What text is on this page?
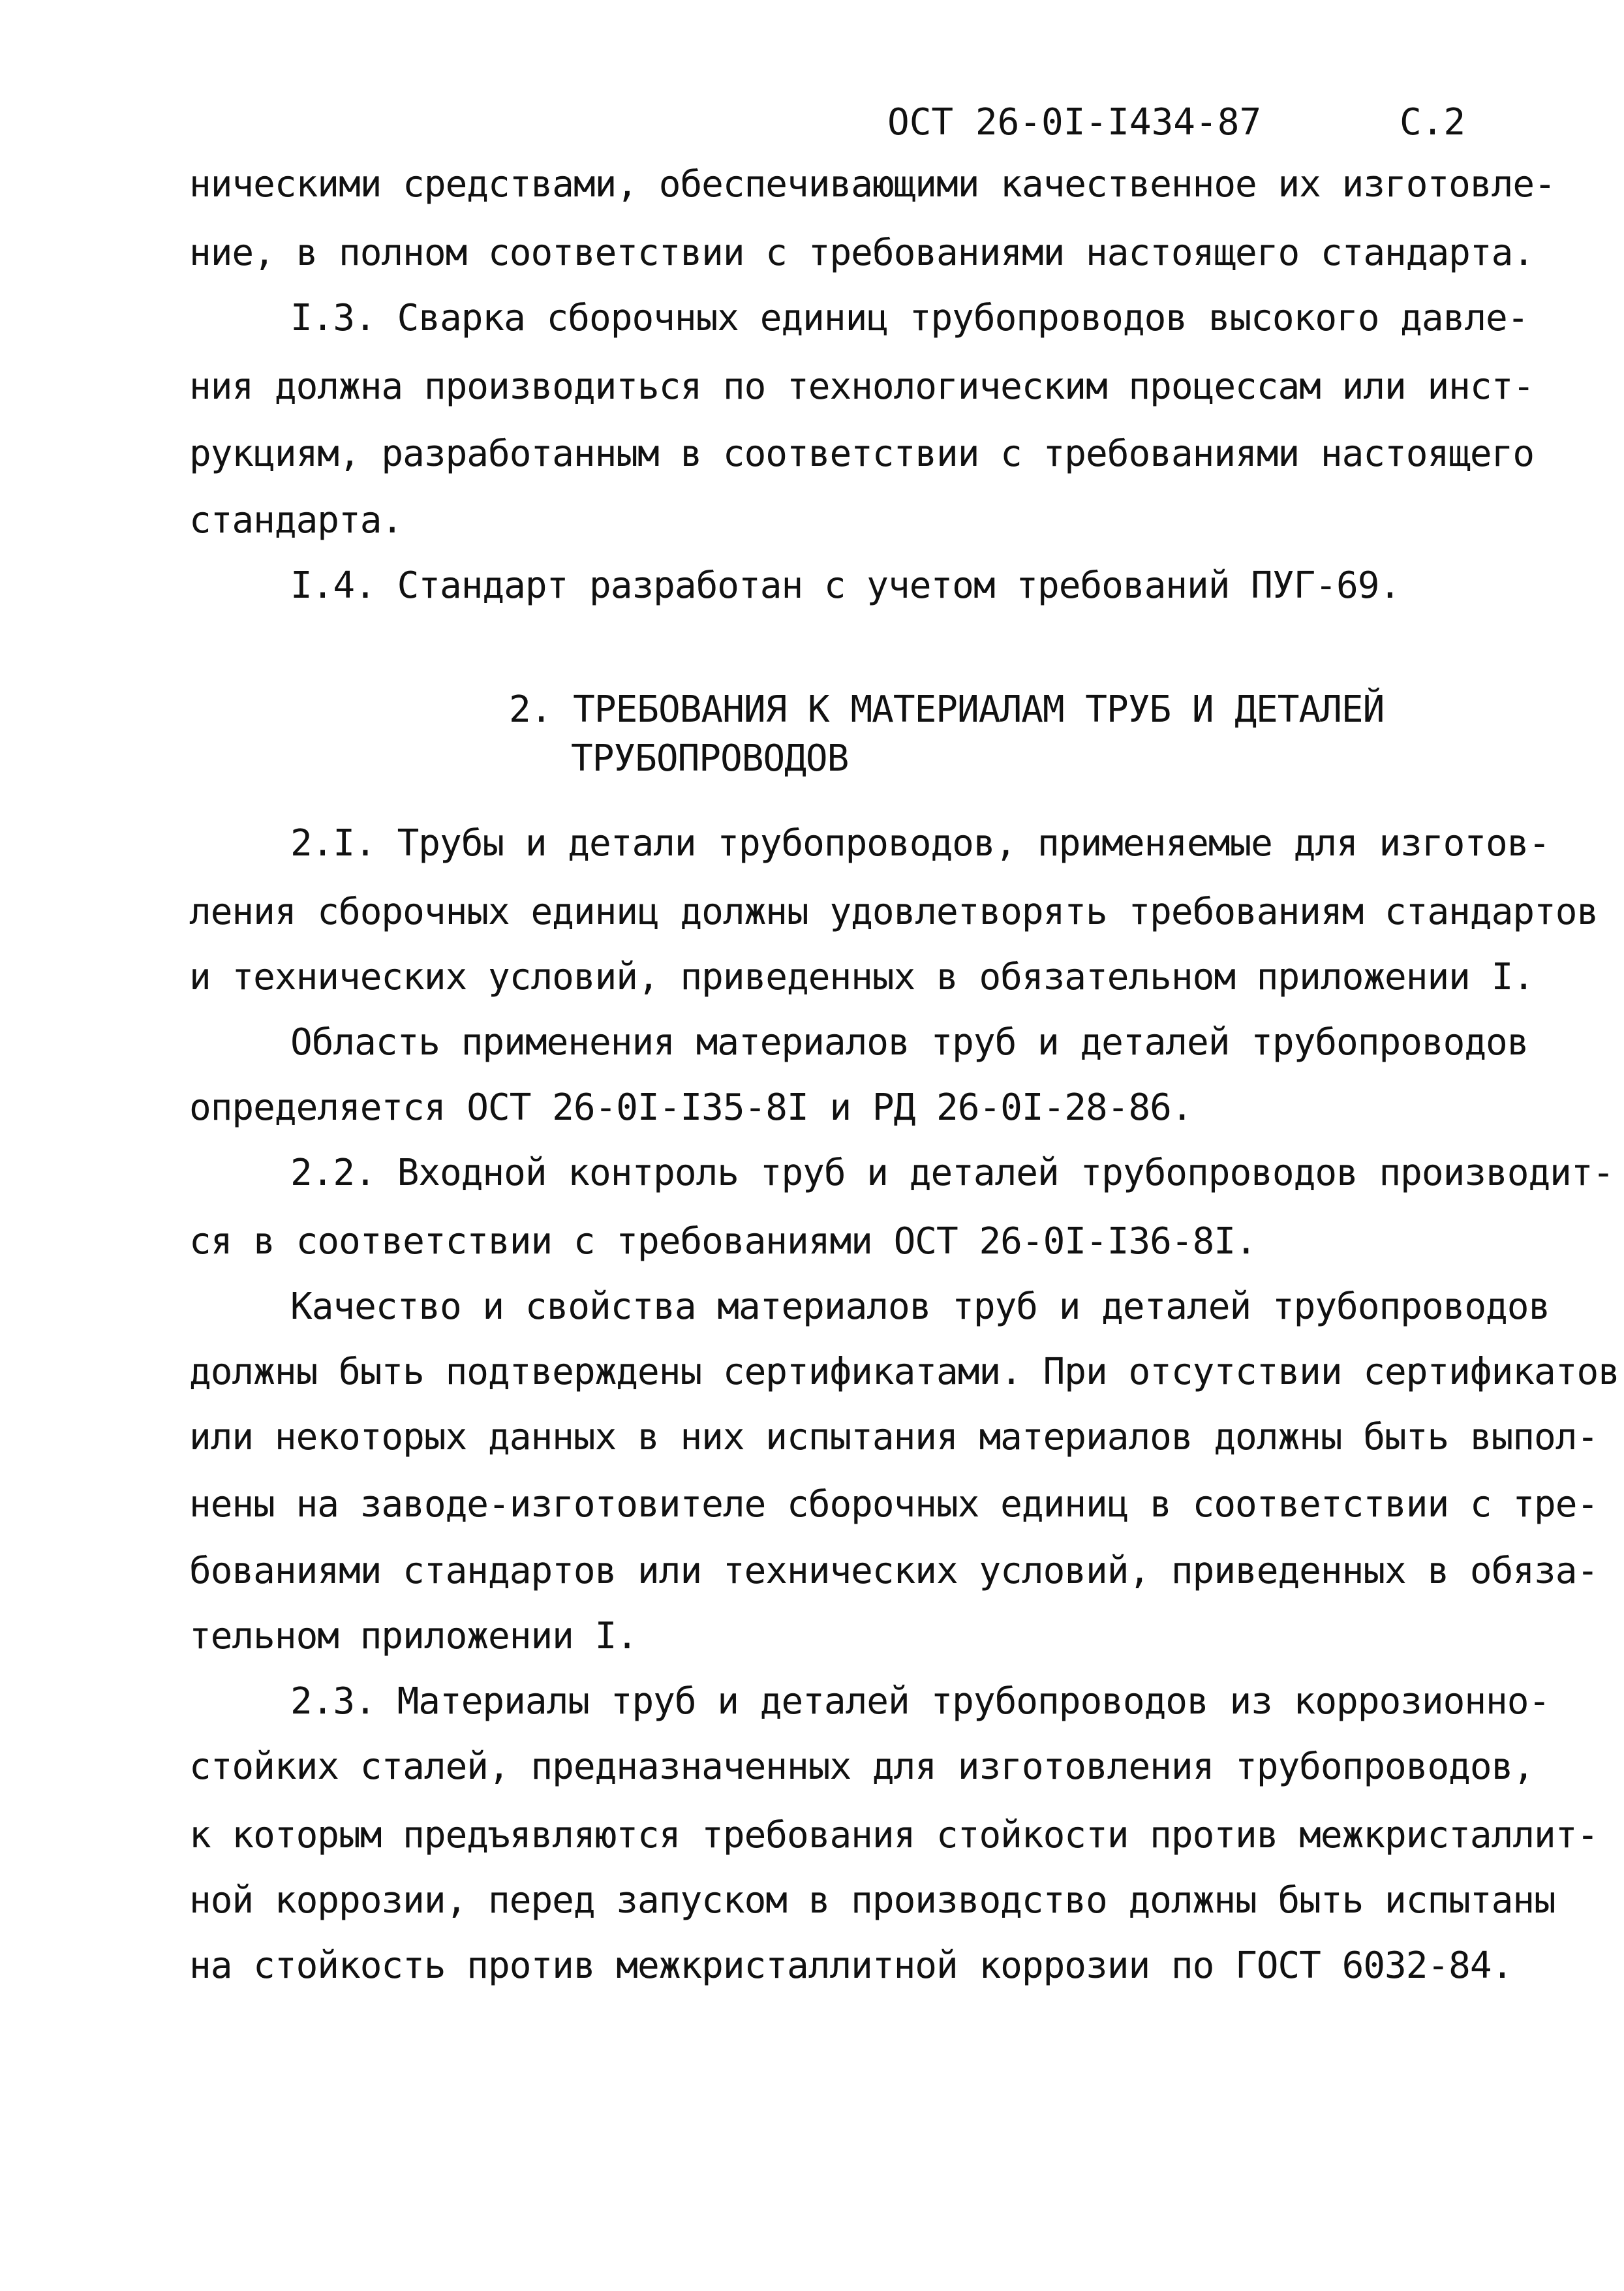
ОСТ 26-0I-I434-87	С.2
ническими средствами, обеспечивающими качественное их изготовле-
ние, в полном соответствии с требованиями настоящего стандарта.
I.3. Сварка сборочных единиц трубопроводов высокого давле-
ния должна производиться по технологическим процессам или инст-
рукциям, разработанным в соответствии с требованиями настоящего
стандарта.
I.4. Стандарт разработан с учетом требований ПУГ-69.
2. ТРЕБОВАНИЯ К МАТЕРИАЛАМ ТРУБ И ДЕТАЛЕЙ
ТРУБОПРОВОДОВ
2.I. Трубы и детали трубопроводов, применяемые для изготов-
ления сборочных единиц должны удовлетворять требованиям стандартов
и технических условий, приведенных в обязательном приложении I.
Область применения материалов труб и деталей трубопроводов
определяется ОСТ 26-0I-I35-8I и РД 26-0I-28-86.
2.2. Входной контроль труб и деталей трубопроводов производит-
ся в соответствии с требованиями ОСТ 26-0I-I36-8I.
Качество и свойства материалов труб и деталей трубопроводов
должны быть подтверждены сертификатами. При отсутствии сертификатов
или некоторых данных в них испытания материалов должны быть выпол-
нены на заводе-изготовителе сборочных единиц в соответствии с тре-
бованиями стандартов или технических условий, приведенных в обяза-
тельном приложении I.
2.3. Материалы труб и деталей трубопроводов из коррозионно-
стойких сталей, предназначенных для изготовления трубопроводов,
к которым предъявляются требования стойкости против межкристаллит-
ной коррозии, перед запуском в производство должны быть испытаны
на стойкость против межкристаллитной коррозии по ГОСТ 6032-84.
